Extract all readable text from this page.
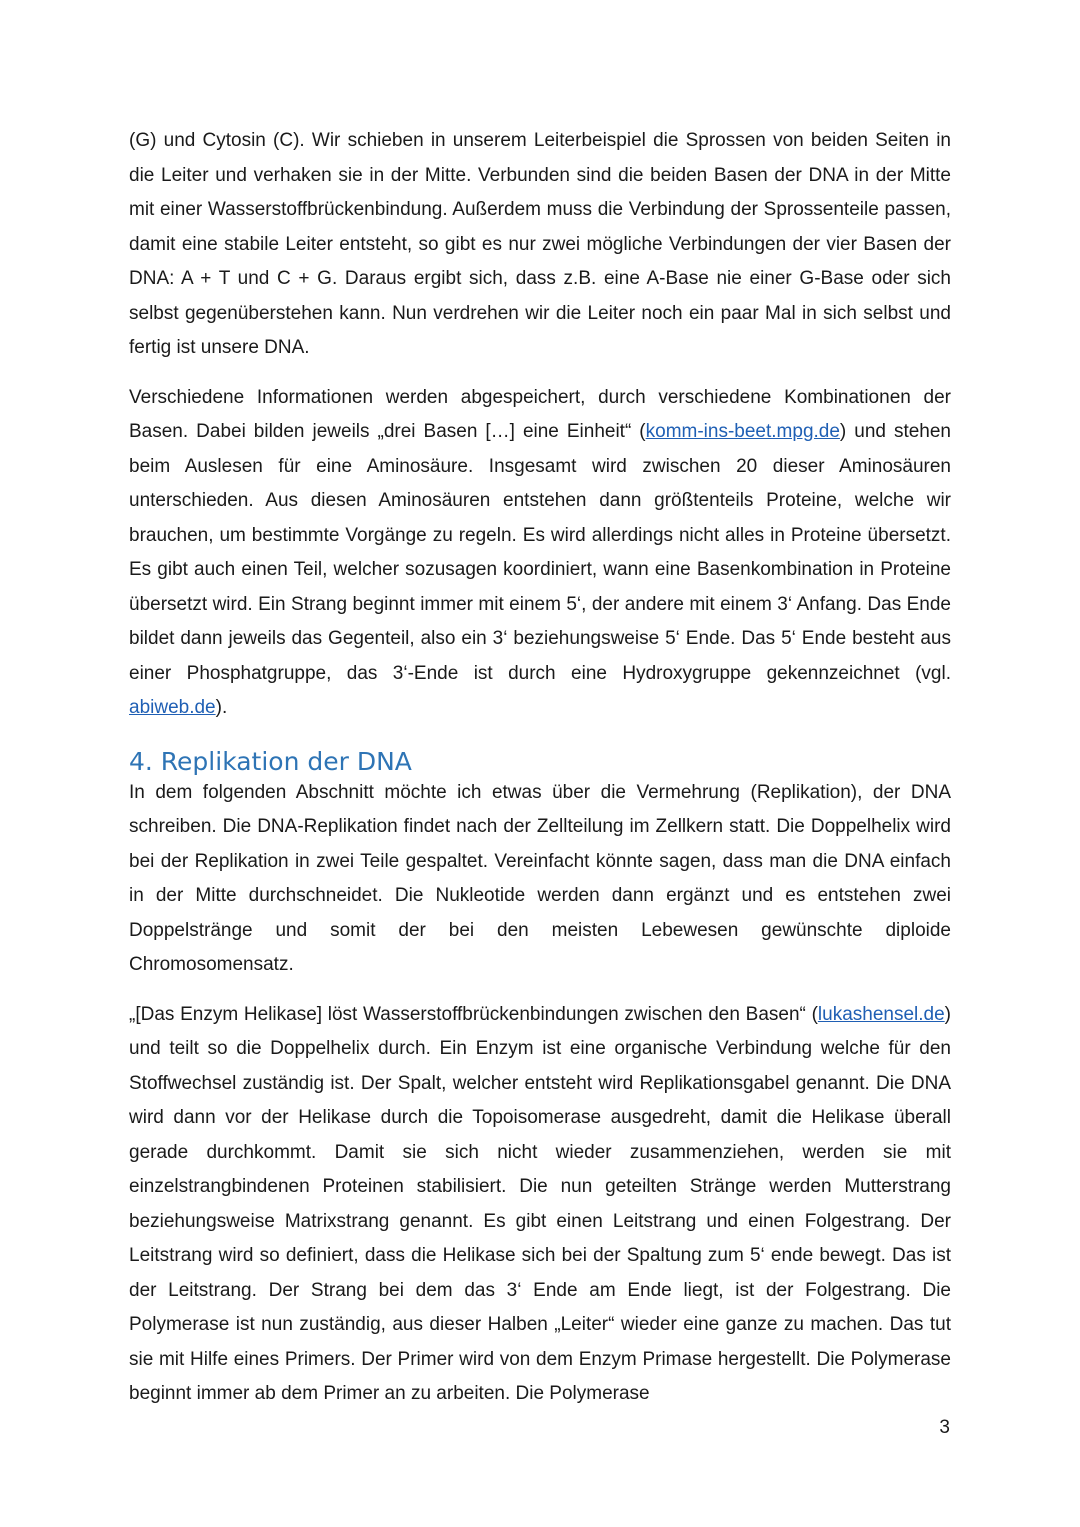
(G) und Cytosin (C). Wir schieben in unserem Leiterbeispiel die Sprossen von beiden Seiten in die Leiter und verhaken sie in der Mitte. Verbunden sind die beiden Basen der DNA in der Mitte mit einer Wasserstoffbrückenbindung. Außerdem muss die Verbindung der Sprossenteile passen, damit eine stabile Leiter entsteht, so gibt es nur zwei mögliche Verbindungen der vier Basen der DNA: A + T und C + G. Daraus ergibt sich, dass z.B. eine A-Base nie einer G-Base oder sich selbst gegenüberstehen kann. Nun verdrehen wir die Leiter noch ein paar Mal in sich selbst und fertig ist unsere DNA.

Verschiedene Informationen werden abgespeichert, durch verschiedene Kombinationen der Basen. Dabei bilden jeweils „drei Basen […] eine Einheit“ (komm-ins-beet.mpg.de) und stehen beim Auslesen für eine Aminosäure. Insgesamt wird zwischen 20 dieser Aminosäuren unterschieden. Aus diesen Aminosäuren entstehen dann größtenteils Proteine, welche wir brauchen, um bestimmte Vorgänge zu regeln. Es wird allerdings nicht alles in Proteine übersetzt. Es gibt auch einen Teil, welcher sozusagen koordiniert, wann eine Basenkombination in Proteine übersetzt wird. Ein Strang beginnt immer mit einem 5‘, der andere mit einem 3‘ Anfang. Das Ende bildet dann jeweils das Gegenteil, also ein 3‘ beziehungsweise 5‘ Ende. Das 5‘ Ende besteht aus einer Phosphatgruppe, das 3‘-Ende ist durch eine Hydroxygruppe gekennzeichnet (vgl. abiweb.de).

4. Replikation der DNA

In dem folgenden Abschnitt möchte ich etwas über die Vermehrung (Replikation), der DNA schreiben. Die DNA-Replikation findet nach der Zellteilung im Zellkern statt. Die Doppelhelix wird bei der Replikation in zwei Teile gespaltet. Vereinfacht könnte sagen, dass man die DNA einfach in der Mitte durchschneidet. Die Nukleotide werden dann ergänzt und es entstehen zwei Doppelstränge und somit der bei den meisten Lebewesen gewünschte diploide Chromosomensatz.

„[Das Enzym Helikase] löst Wasserstoffbrückenbindungen zwischen den Basen“ (lukashensel.de) und teilt so die Doppelhelix durch. Ein Enzym ist eine organische Verbindung welche für den Stoffwechsel zuständig ist. Der Spalt, welcher entsteht wird Replikationsgabel genannt. Die DNA wird dann vor der Helikase durch die Topoisomerase ausgedreht, damit die Helikase überall gerade durchkommt. Damit sie sich nicht wieder zusammenziehen, werden sie mit einzelstrangbindenen Proteinen stabilisiert. Die nun geteilten Stränge werden Mutterstrang beziehungsweise Matrixstrang genannt. Es gibt einen Leitstrang und einen Folgestrang. Der Leitstrang wird so definiert, dass die Helikase sich bei der Spaltung zum 5‘ ende bewegt. Das ist der Leitstrang. Der Strang bei dem das 3‘ Ende am Ende liegt, ist der Folgestrang. Die Polymerase ist nun zuständig, aus dieser Halben „Leiter“ wieder eine ganze zu machen. Das tut sie mit Hilfe eines Primers. Der Primer wird von dem Enzym Primase hergestellt. Die Polymerase beginnt immer ab dem Primer an zu arbeiten. Die Polymerase

3
